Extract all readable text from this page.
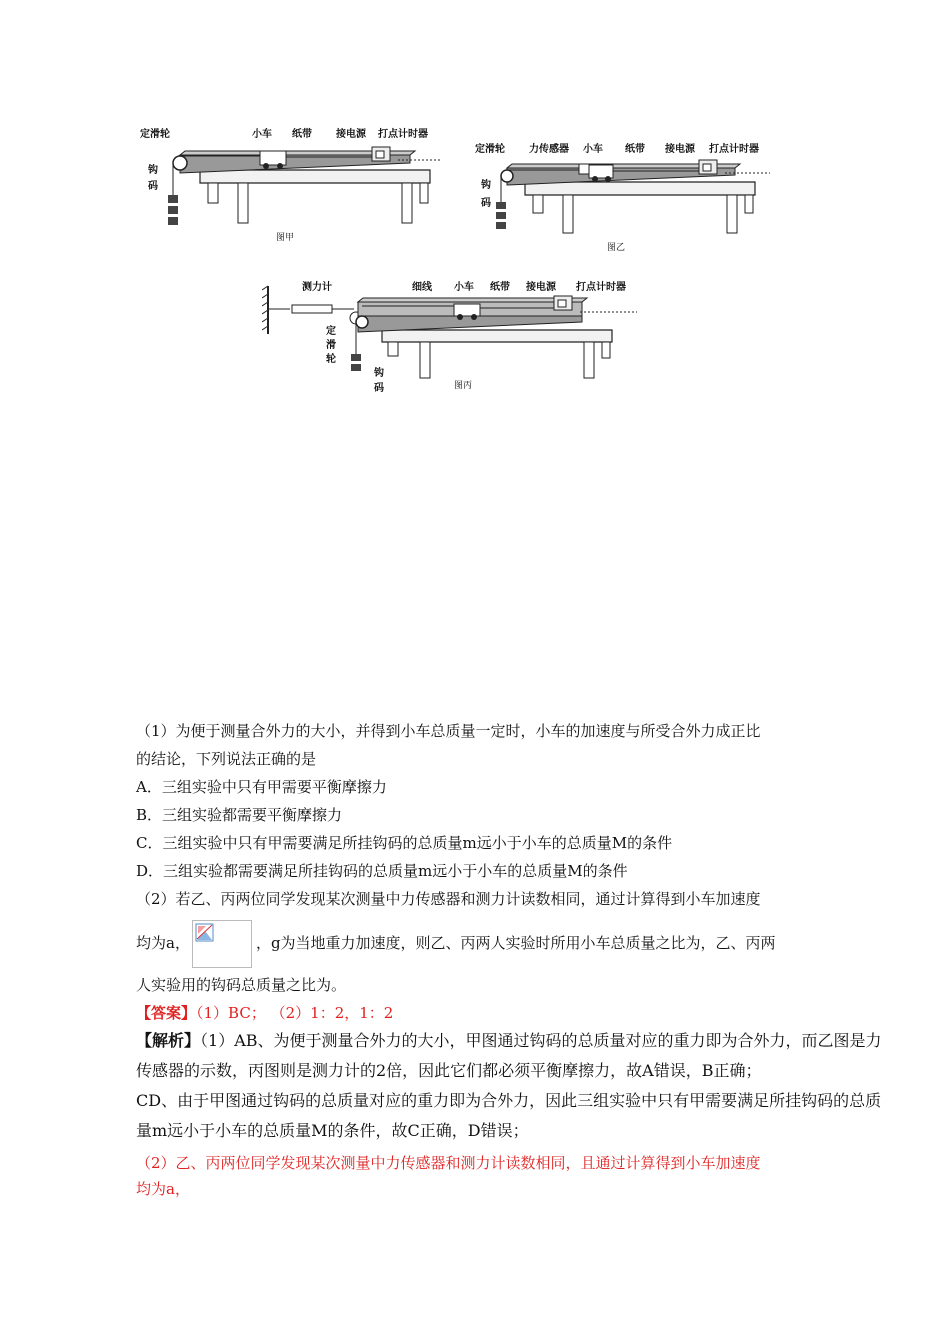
定滑轮	小车 纸带 接电源 打点计时器
钩
码
图甲
定滑轮 力传感器 小车 纸带 接电源 打点计时器
钩
码
图乙
测力计	细线 小车 纸带 接电源 打点计时器
定
滑
轮
钩
码	图丙
（1）为便于测量合外力的大小，并得到小车总质量一定时，小车的加速度与所受合外力成正比
的结论，下列说法正确的是
A．三组实验中只有甲需要平衡摩擦力
B．三组实验都需要平衡摩擦力
C．三组实验中只有甲需要满足所挂钩码的总质量m远小于小车的总质量M的条件
D．三组实验都需要满足所挂钩码的总质量m远小于小车的总质量M的条件
（2）若乙、丙两位同学发现某次测量中力传感器和测力计读数相同，通过计算得到小车加速度
均为a，	，g为当地重力加速度，则乙、丙两人实验时所用小车总质量之比为，乙、丙两
人实验用的钩码总质量之比为。
【答案】（1）BC； （2）1：2，1：2
【解析】（1）AB、为便于测量合外力的大小，甲图通过钩码的总质量对应的重力即为合外力，而乙图是力
传感器的示数，丙图则是测力计的2倍，因此它们都必须平衡摩擦力，故A错误，B正确；
CD、由于甲图通过钩码的总质量对应的重力即为合外力，因此三组实验中只有甲需要满足所挂钩码的总质
量m远小于小车的总质量M的条件，故C正确，D错误；
（2）乙、丙两位同学发现某次测量中力传感器和测力计读数相同，且通过计算得到小车加速度
均为a，
